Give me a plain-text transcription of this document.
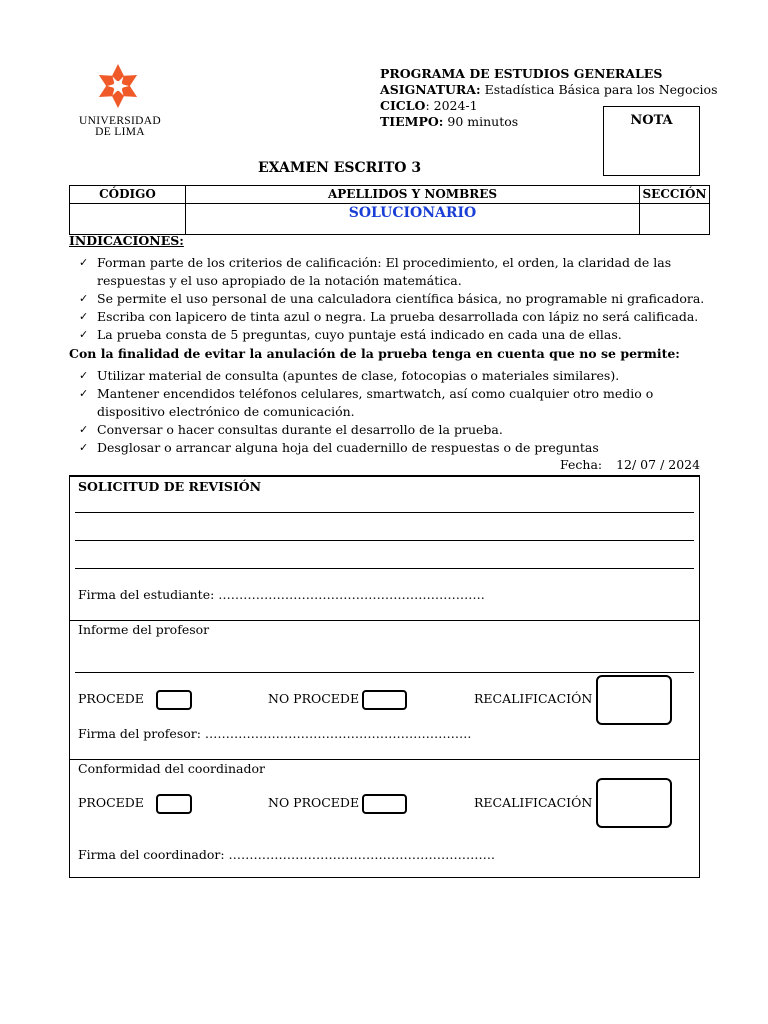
UNIVERSIDAD
DE LIMA
PROGRAMA DE ESTUDIOS GENERALES
ASIGNATURA: Estadística Básica para los Negocios
CICLO: 2024-1
TIEMPO: 90 minutos	NOTA
EXAMEN ESCRITO 3
CÓDIGO	APELLIDOS Y NOMBRES	SECCIÓN
	SOLUCIONARIO	
INDICACIONES:
✓ Forman parte de los criterios de calificación: El procedimiento, el orden, la claridad de las respuestas y el uso apropiado de la notación matemática.
✓ Se permite el uso personal de una calculadora científica básica, no programable ni graficadora.
✓ Escriba con lapicero de tinta azul o negra. La prueba desarrollada con lápiz no será calificada.
✓ La prueba consta de 5 preguntas, cuyo puntaje está indicado en cada una de ellas.
Con la finalidad de evitar la anulación de la prueba tenga en cuenta que no se permite:
✓ Utilizar material de consulta (apuntes de clase, fotocopias o materiales similares).
✓ Mantener encendidos teléfonos celulares, smartwatch, así como cualquier otro medio o dispositivo electrónico de comunicación.
✓ Conversar o hacer consultas durante el desarrollo de la prueba.
✓ Desglosar o arrancar alguna hoja del cuadernillo de respuestas o de preguntas
Fecha: 12/ 07 / 2024
SOLICITUD DE REVISIÓN
Firma del estudiante: ……………………………………………………….
Informe del profesor
PROCEDE	NO PROCEDE	RECALIFICACIÓN
Firma del profesor: ……………………………………………………….
Conformidad del coordinador
PROCEDE	NO PROCEDE	RECALIFICACIÓN
Firma del coordinador: ……………………………………………………….
